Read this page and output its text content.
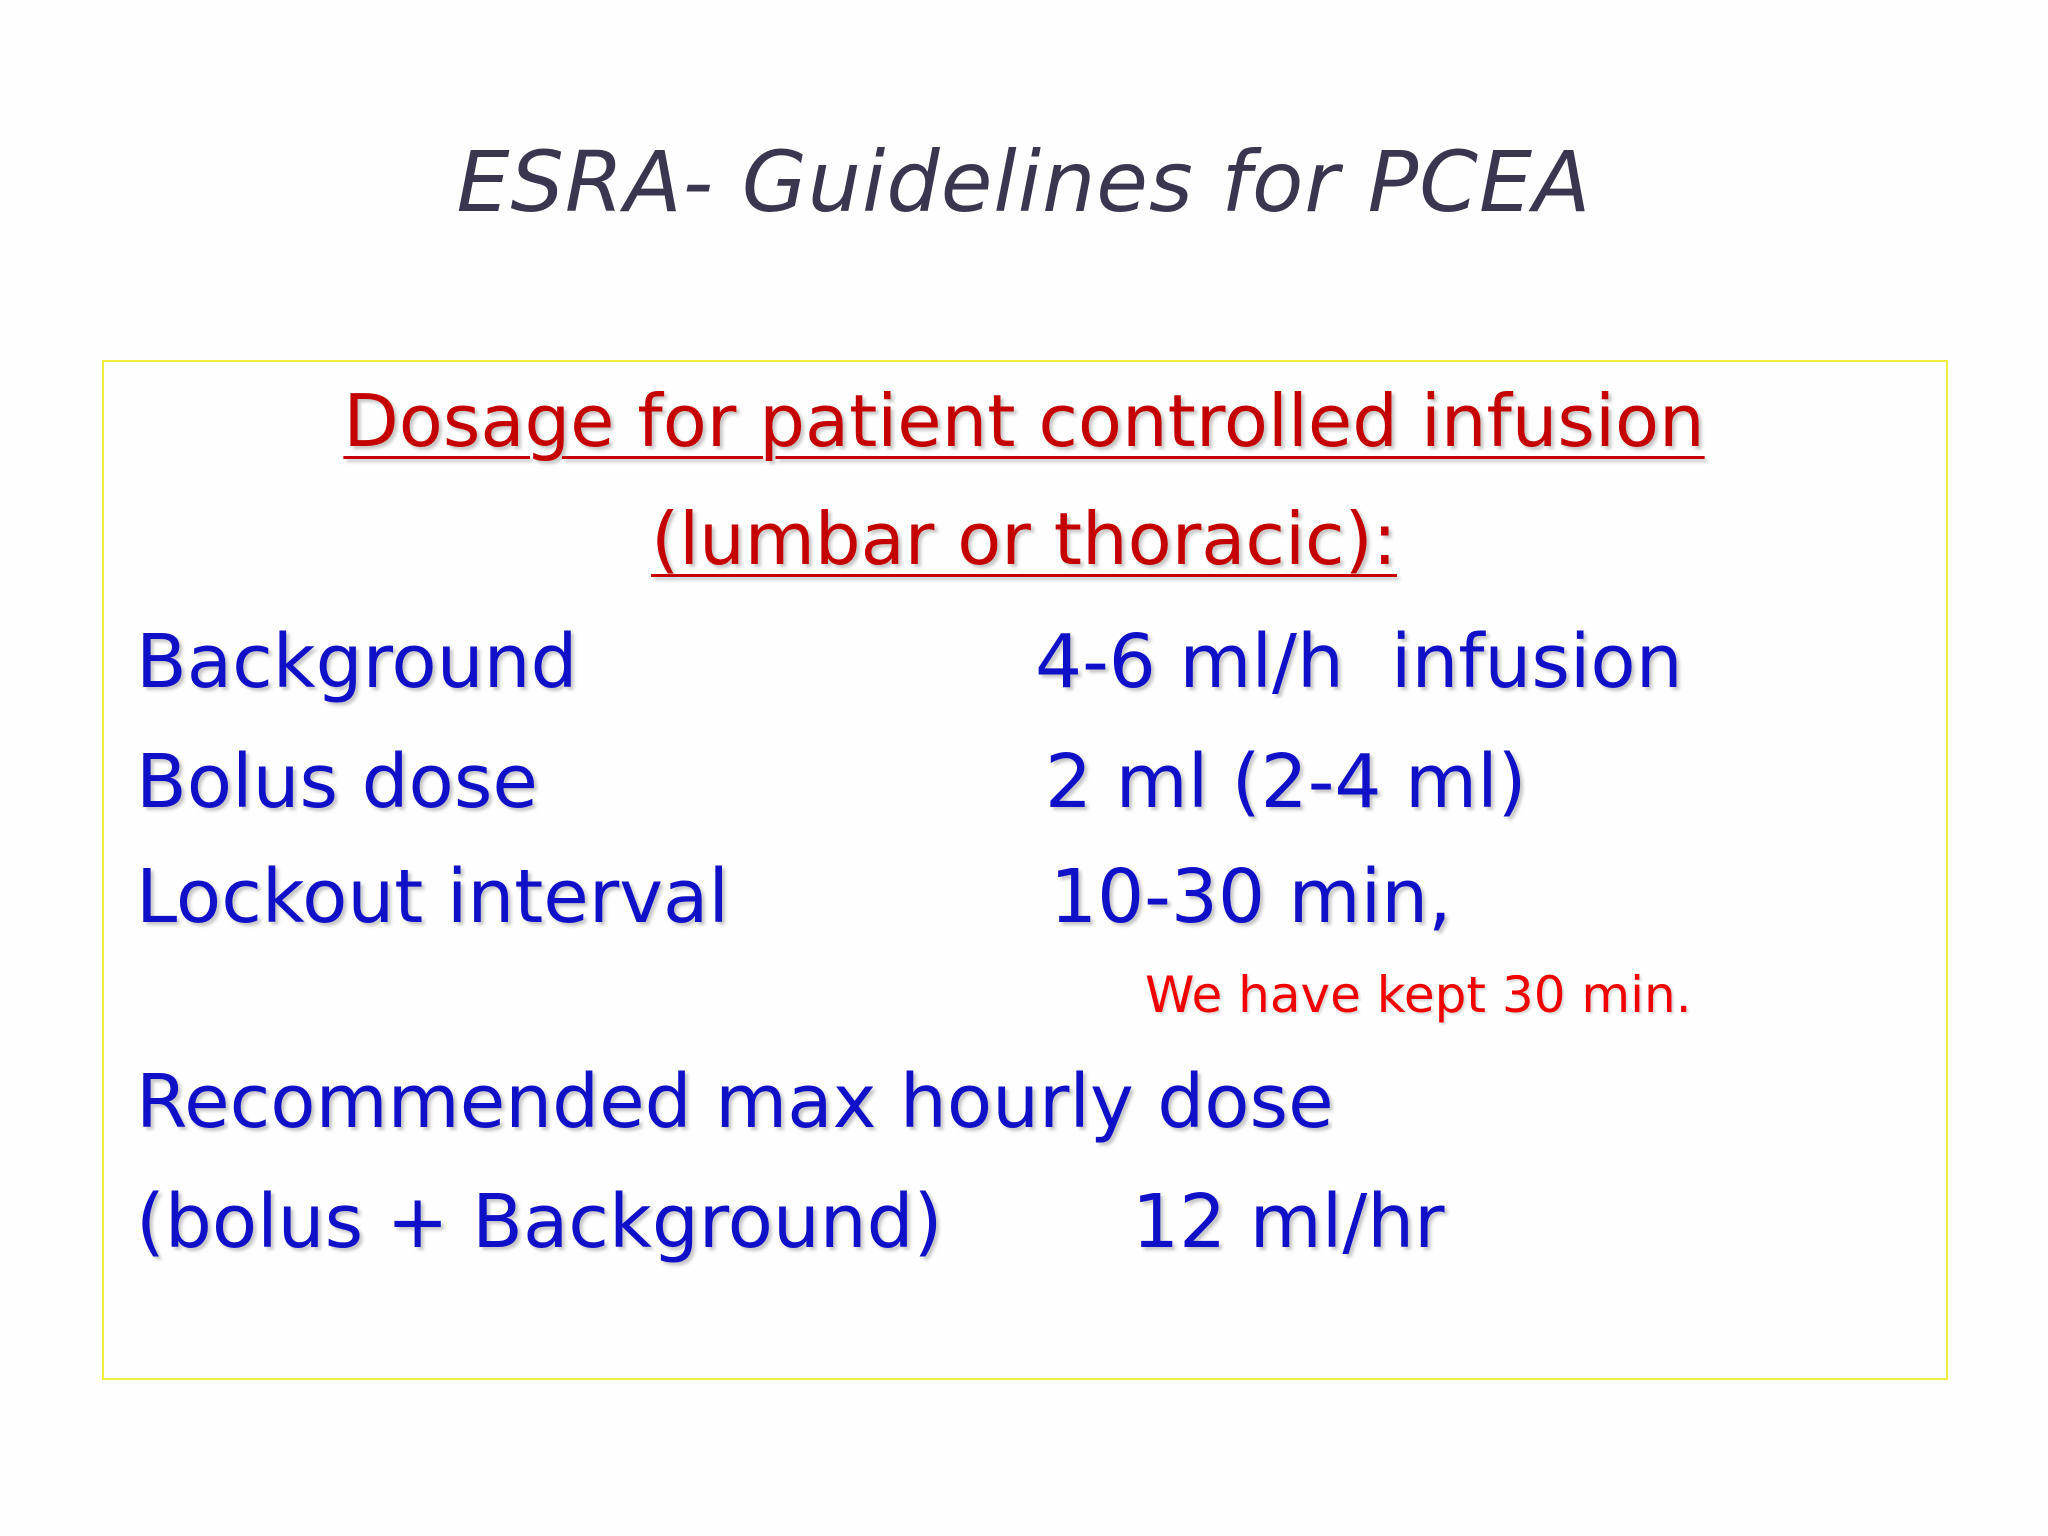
ESRA- Guidelines for PCEA
Dosage for patient controlled infusion
(lumbar or thoracic):
Background	4-6 ml/h  infusion
Bolus dose	2 ml (2-4 ml)
Lockout interval	10-30 min,
We have kept 30 min.
Recommended max hourly dose
(bolus + Background)	12 ml/hr
